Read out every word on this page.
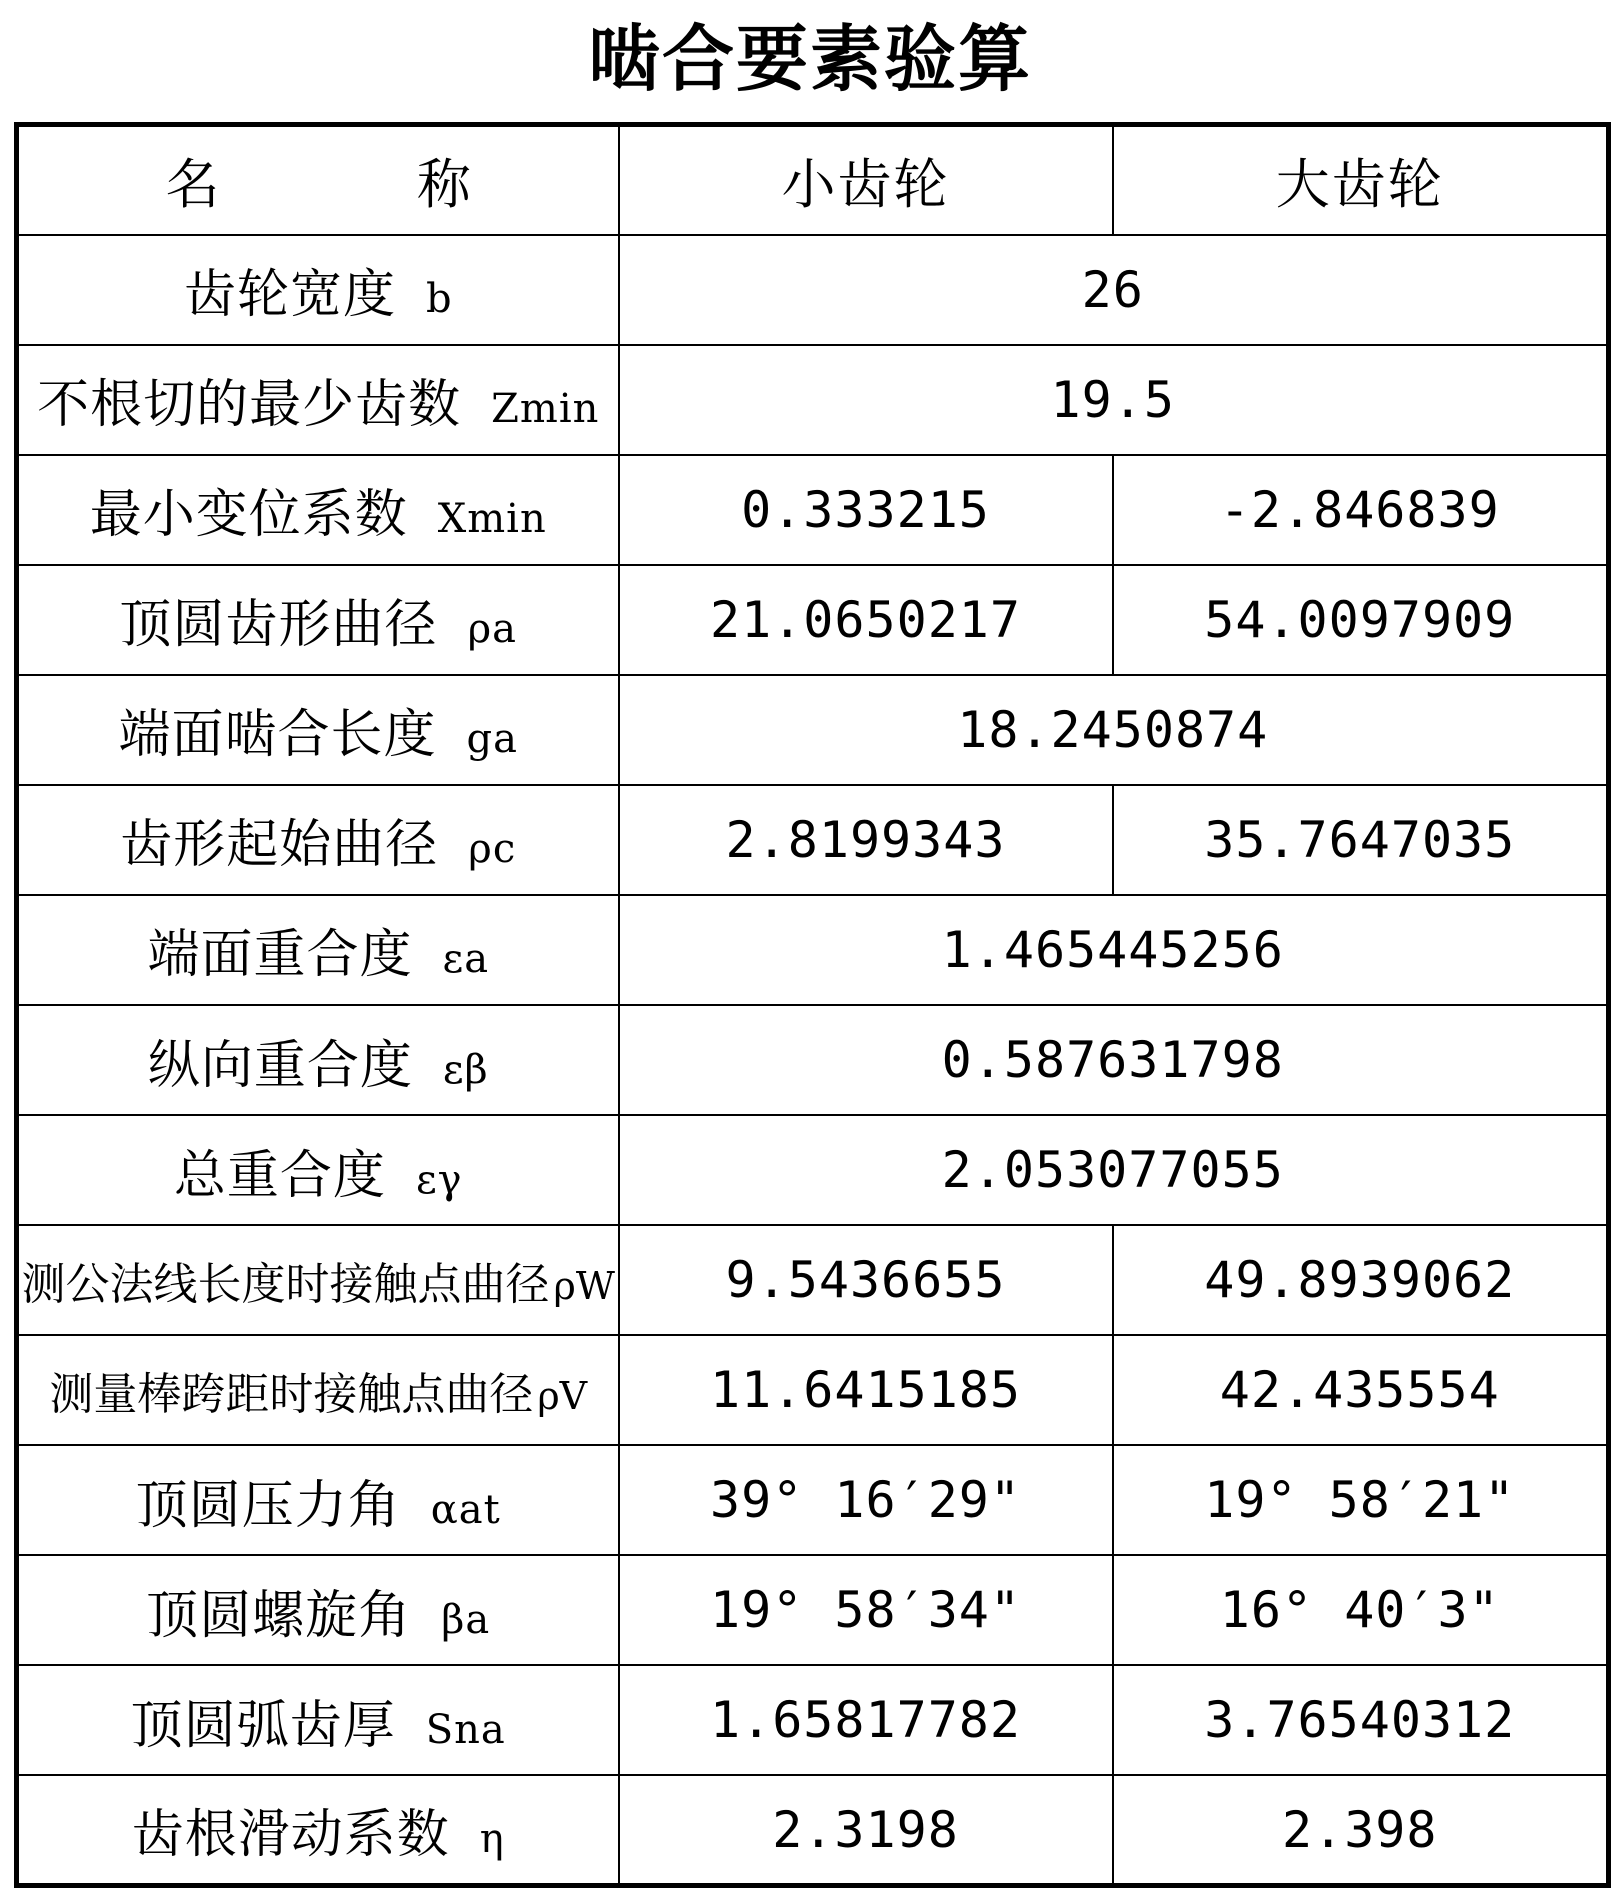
啮合要素验算
名 称	小齿轮	大齿轮
齿轮宽度 b	26	
不根切的最少齿数 Zmin	19.5	
最小变位系数 Xmin	0.333215	-2.846839
顶圆齿形曲径 ρa	21.0650217	54.0097909
端面啮合长度 ga	18.2450874	
齿形起始曲径 ρc	2.8199343	35.7647035
端面重合度 εa	1.465445256	
纵向重合度 εβ	0.587631798	
总重合度 εγ	2.053077055	
测公法线长度时接触点曲径 ρW	9.5436655	49.8939062
测量棒跨距时接触点曲径 ρV	11.6415185	42.435554
顶圆压力角 αat	39° 16′29"	19° 58′21"
顶圆螺旋角 βa	19° 58′34"	16° 40′3"
顶圆弧齿厚 Sna	1.65817782	3.76540312
齿根滑动系数 η	2.3198	2.398
